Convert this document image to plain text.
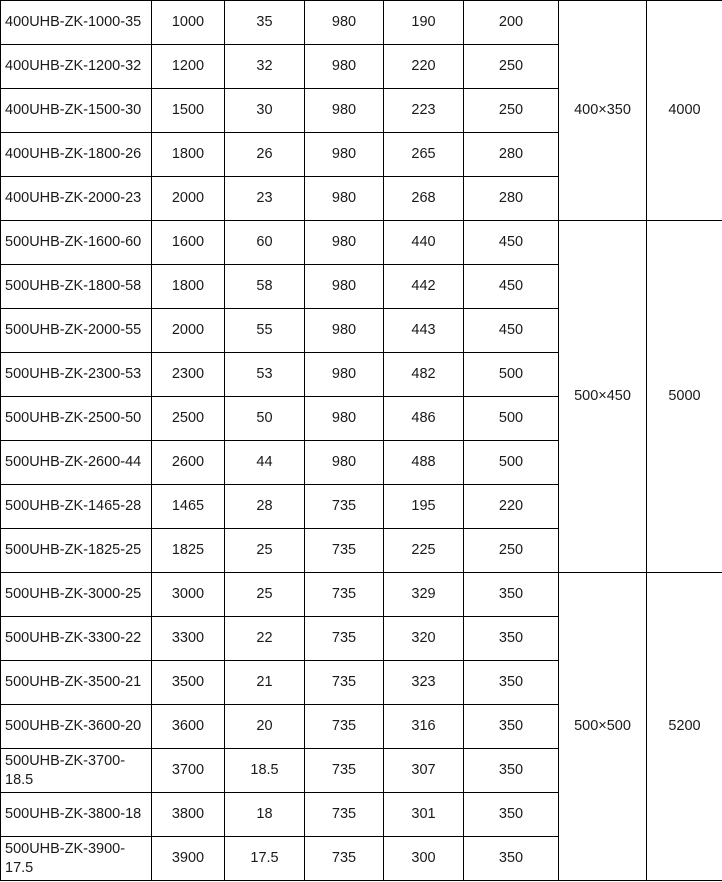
400UHB-ZK-1000-35	1000	35	980	190	200	400×350	4000
400UHB-ZK-1200-32	1200	32	980	220	250		
400UHB-ZK-1500-30	1500	30	980	223	250		
400UHB-ZK-1800-26	1800	26	980	265	280		
400UHB-ZK-2000-23	2000	23	980	268	280		
500UHB-ZK-1600-60	1600	60	980	440	450	500×450	5000
500UHB-ZK-1800-58	1800	58	980	442	450		
500UHB-ZK-2000-55	2000	55	980	443	450		
500UHB-ZK-2300-53	2300	53	980	482	500		
500UHB-ZK-2500-50	2500	50	980	486	500		
500UHB-ZK-2600-44	2600	44	980	488	500		
500UHB-ZK-1465-28	1465	28	735	195	220		
500UHB-ZK-1825-25	1825	25	735	225	250		
500UHB-ZK-3000-25	3000	25	735	329	350	500×500	5200
500UHB-ZK-3300-22	3300	22	735	320	350		
500UHB-ZK-3500-21	3500	21	735	323	350		
500UHB-ZK-3600-20	3600	20	735	316	350		
500UHB-ZK-3700-18.5	3700	18.5	735	307	350		
500UHB-ZK-3800-18	3800	18	735	301	350		
500UHB-ZK-3900-17.5	3900	17.5	735	300	350		
